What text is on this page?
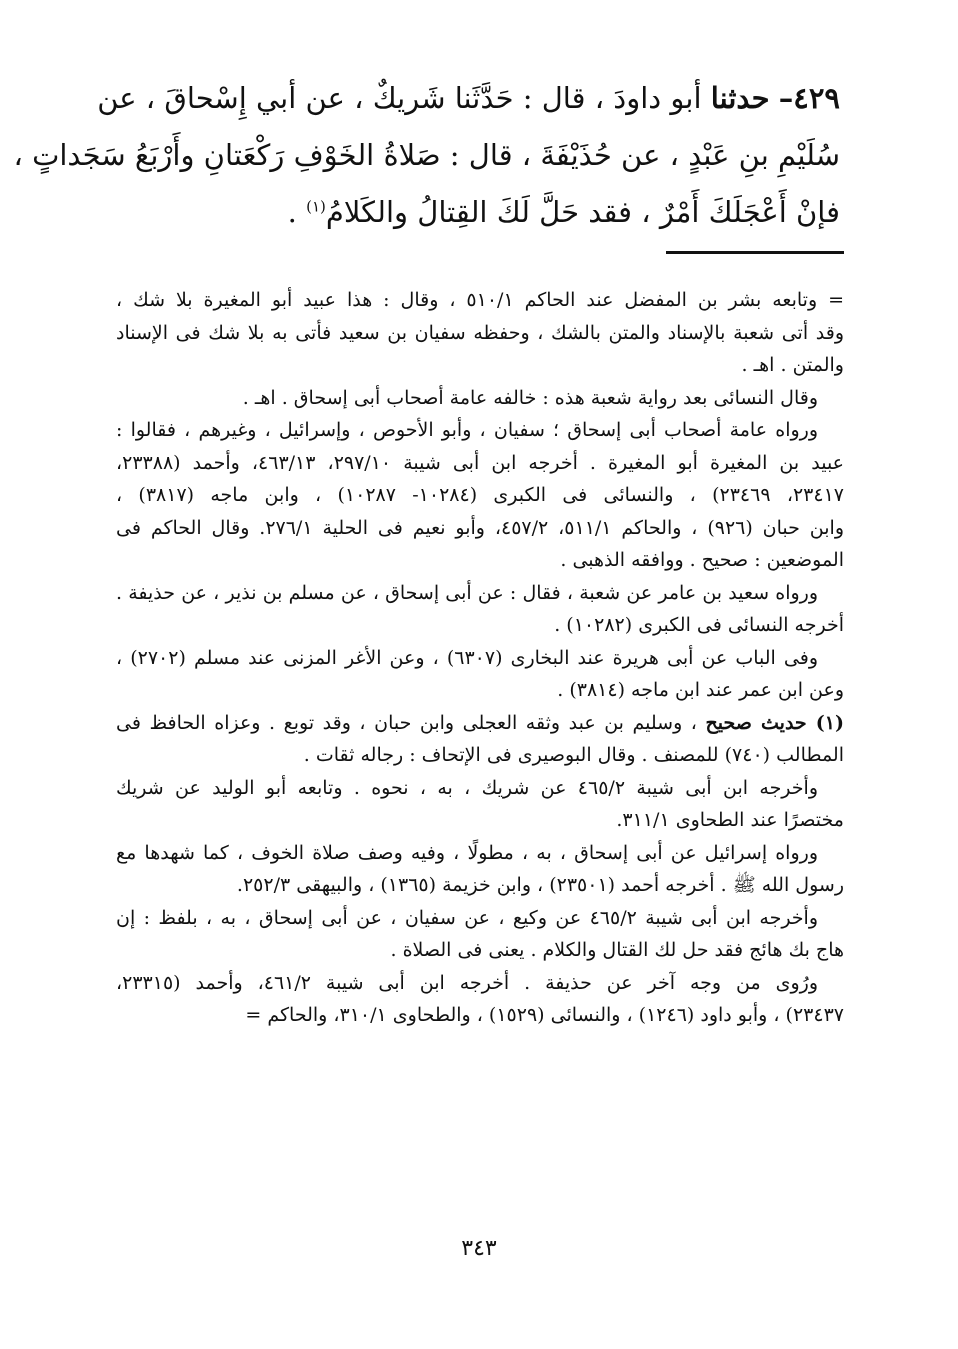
٤٢٩– حدثنا أبو داودَ ، قال : حَدَّثَنا شَريكٌ ، عن أبي إِسْحاقَ ، عن
سُلَيْمِ بنِ عَبْدٍ ، عن حُذَيْفَةَ ، قال : صَلاةُ الخَوْفِ رَكْعَتانِ وأَرْبَعُ سَجَداتٍ ،
فإنْ أَعْجَلَكَ أَمْرٌ ، فقد حَلَّ لَكَ القِتالُ والكَلامُ$^{(١)}$ .
= وتابعه بشر بن المفضل عند الحاكم ٥١٠/١ ، وقال : هذا عبيد أبو المغيرة بلا شك ،
وقد أتى شعبة بالإسناد والمتن بالشك ، وحفظه سفيان بن سعيد فأتى به بلا شك فى الإسناد
والمتن . اهـ .
وقال النسائى بعد رواية شعبة هذه : خالفه عامة أصحاب أبى إسحاق . اهـ .
ورواه عامة أصحاب أبى إسحاق ؛ سفيان ، وأبو الأحوص ، وإسرائيل ، وغيرهم ، فقالوا :
عبيد بن المغيرة أبو المغيرة . أخرجه ابن أبى شيبة ٢٩٧/١٠، ٤٦٣/١٣، وأحمد (٢٣٣٨٨،
٢٣٤١٧، ٢٣٤٦٩) ، والنسائى فى الكبرى (١٠٢٨٤- ١٠٢٨٧) ، وابن ماجه (٣٨١٧) ،
وابن حبان (٩٢٦) ، والحاكم ٥١١/١، ٤٥٧/٢، وأبو نعيم فى الحلية ٢٧٦/١. وقال الحاكم فى
الموضعين : صحيح . ووافقه الذهبى .
ورواه سعيد بن عامر عن شعبة ، فقال : عن أبى إسحاق ، عن مسلم بن نذير ، عن حذيفة .
أخرجه النسائى فى الكبرى (١٠٢٨٢) .
وفى الباب عن أبى هريرة عند البخارى (٦٣٠٧) ، وعن الأغر المزنى عند مسلم (٢٧٠٢) ،
وعن ابن عمر عند ابن ماجه (٣٨١٤) .
(١) حديث صحيح ، وسليم بن عبد وثقه العجلى وابن حبان ، وقد توبع . وعزاه الحافظ فى
المطالب (٧٤٠) للمصنف . وقال البوصيرى فى الإتحاف : رجاله ثقات .
وأخرجه ابن أبى شيبة ٤٦٥/٢ عن شريك ، به ، نحوه . وتابعه أبو الوليد عن شريك
مختصرًا عند الطحاوى ٣١١/١.
ورواه إسرائيل عن أبى إسحاق ، به ، مطولًا ، وفيه وصف صلاة الخوف ، كما شهدها مع
رسول الله ﷺ . أخرجه أحمد (٢٣٥٠١) ، وابن خزيمة (١٣٦٥) ، والبيهقى ٢٥٢/٣.
وأخرجه ابن أبى شيبة ٤٦٥/٢ عن وكيع ، عن سفيان ، عن أبى إسحاق ، به ، بلفظ : إن
هاج بك هائج فقد حل لك القتال والكلام . يعنى فى الصلاة .
ورُوى من وجه آخر عن حذيفة . أخرجه ابن أبى شيبة ٤٦١/٢، وأحمد (٢٣٣١٥،
٢٣٤٣٧) ، وأبو داود (١٢٤٦) ، والنسائى (١٥٢٩) ، والطحاوى ٣١٠/١، والحاكم =
٣٤٣
